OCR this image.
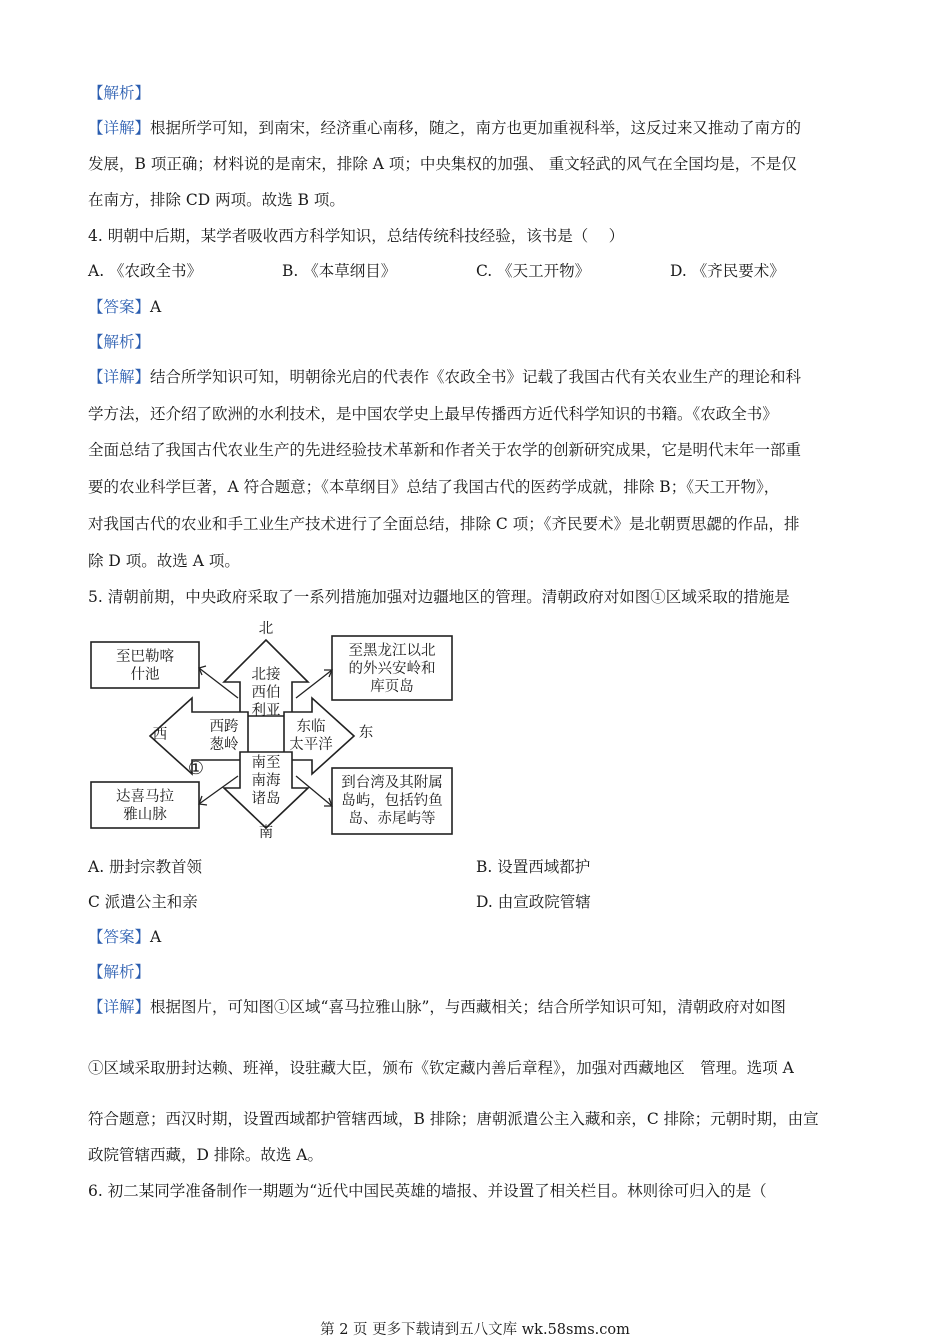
【解析】
【详解】根据所学可知，到南宋，经济重心南移，随之，南方也更加重视科举，这反过来又推动了南方的
发展，B 项正确；材料说的是南宋，排除 A 项；中央集权的加强、 重文轻武的风气在全国均是，不是仅
在南方，排除 CD 两项。故选 B 项。
4. 明朝中后期，某学者吸收西方科学知识，总结传统科技经验，该书是（　 ）
A. 《农政全书》	B. 《本草纲目》	C. 《天工开物》	D. 《齐民要术》
【答案】A
【解析】
【详解】结合所学知识可知，明朝徐光启的代表作《农政全书》记载了我国古代有关农业生产的理论和科
学方法，还介绍了欧洲的水利技术，是中国农学史上最早传播西方近代科学知识的书籍。《农政全书》
全面总结了我国古代农业生产的先进经验技术革新和作者关于农学的创新研究成果，它是明代末年一部重
要的农业科学巨著，A 符合题意；《本草纲目》总结了我国古代的医药学成就，排除 B；《天工开物》，
对我国古代的农业和手工业生产技术进行了全面总结，排除 C 项；《齐民要术》是北朝贾思勰的作品，排
除 D 项。故选 A 项。
5. 清朝前期，中央政府采取了一系列措施加强对边疆地区的管理。清朝政府对如图①区域采取的措施是
北
西	东
南
北接
西伯
利亚
西跨
葱岭
东临
太平洋
南至
南海
诸岛
至巴勒喀
什池
至黑龙江以北
的外兴安岭和
库页岛
达喜马拉
雅山脉
到台湾及其附属
岛屿，包括钓鱼
岛、赤尾屿等
①
A. 册封宗教首领	B. 设置西域都护
C 派遣公主和亲	D. 由宣政院管辖
【答案】A
【解析】
【详解】根据图片，可知图①区域“喜马拉雅山脉”，与西藏相关；结合所学知识可知，清朝政府对如图
①区域采取册封达赖、班禅，设驻藏大臣，颁布《钦定藏内善后章程》，加强对西藏地区　管理。选项 A
符合题意；西汉时期，设置西域都护管辖西域，B 排除；唐朝派遣公主入藏和亲，C 排除；元朝时期，由宣
政院管辖西藏，D 排除。故选 A。
6. 初二某同学准备制作一期题为“近代中国民英雄的墙报、并设置了相关栏目。林则徐可归入的是（
第 2 页 更多下载请到五八文库 wk.58sms.com
